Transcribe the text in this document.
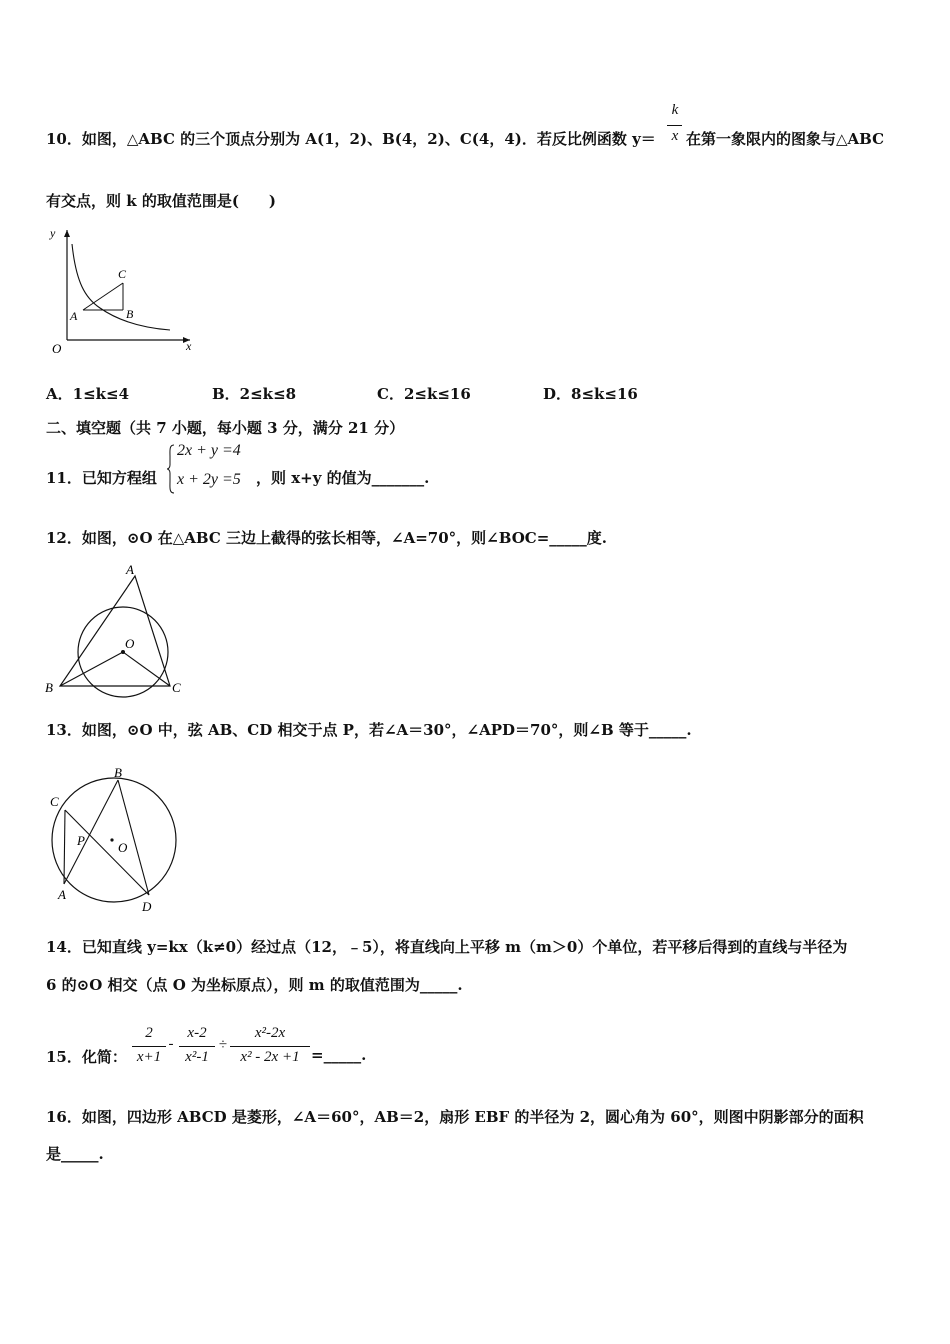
10．如图，△ABC 的三个顶点分别为 A(1，2)、B(4，2)、C(4，4)．若反比例函数 y＝
k
x 在第一象限内的图象与△ABC
有交点，则 k 的取值范围是(　　)
y
x
O
A	B
C
A．1≤k≤4	B．2≤k≤8	C．2≤k≤16	D．8≤k≤16
二、填空题（共 7 小题，每小题 3 分，满分 21 分）
11．已知方程组
2x + y =4
x + 2y =5 ，则 x+y 的值为_______.
12．如图，⊙O 在△ABC 三边上截得的弦长相等，∠A=70°，则∠BOC=_____度.
A
B	C
O
13．如图，⊙O 中，弦 AB、CD 相交于点 P，若∠A＝30°，∠APD＝70°，则∠B 等于_____.
B
C
P	O
A
D
14．已知直线 y=kx（k≠0）经过点（12，﹣5），将直线向上平移 m（m＞0）个单位，若平移后得到的直线与半径为
6 的⊙O 相交（点 O 为坐标原点），则 m 的取值范围为_____.
15．化简：
2
x+1
-
x-2
x²-1
÷
x²-2x
x² - 2x +1 =_____.
16．如图，四边形 ABCD 是菱形，∠A＝60°，AB＝2，扇形 EBF 的半径为 2，圆心角为 60°，则图中阴影部分的面积
是_____.
